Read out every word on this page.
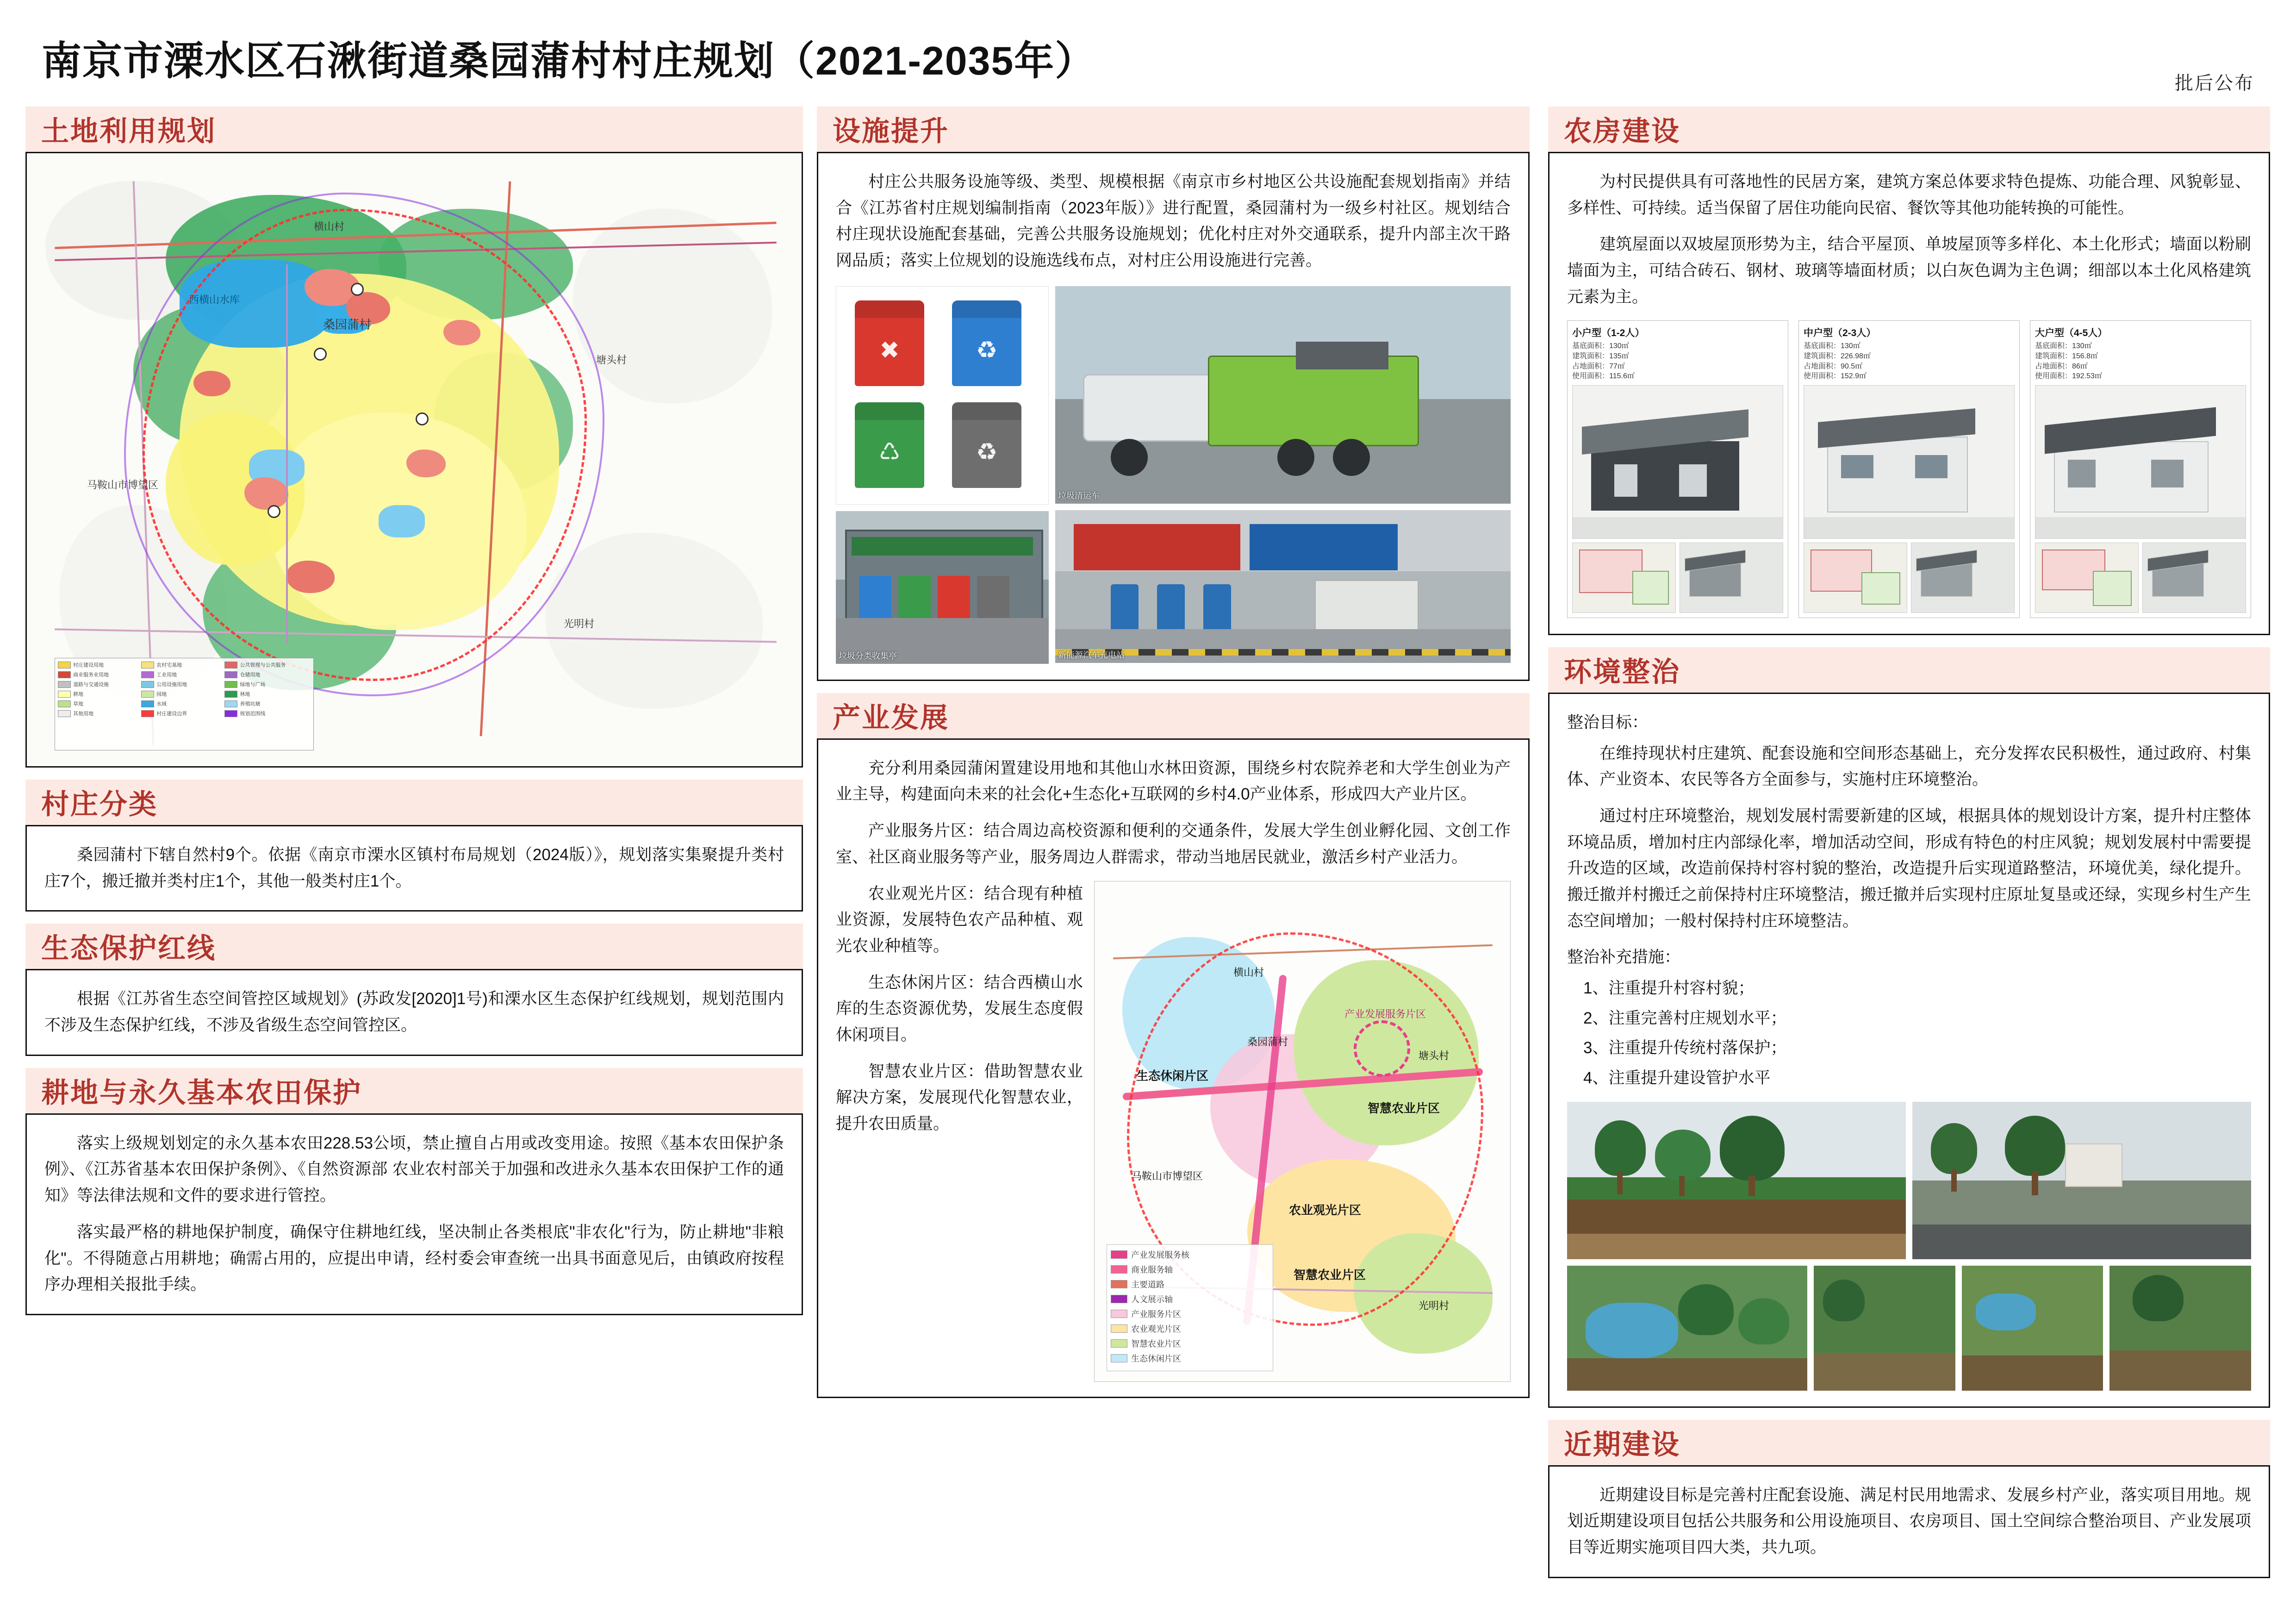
南京市溧水区石湫街道桑园蒲村村庄规划（2021-2035年）	批后公布
土地利用规划
横山村
西横山水库
桑园蒲村
塘头村
光明村
马鞍山市博望区
村庄建设用地	农村宅基地	公共管理与公共服务
商业服务业用地	工业用地	仓储用地
道路与交通设施	公用设施用地	绿地与广场
耕地	园地	林地
草地	水域	养殖坑塘
其他用地	村庄建设边界	规划范围线
村庄分类

桑园蒲村下辖自然村9个。依据《南京市溧水区镇村布局规划（2024版）》，规划落实集聚提升类村庄7个，搬迁撤并类村庄1个，其他一般类村庄1个。

生态保护红线

根据《江苏省生态空间管控区域规划》(苏政发[2020]1号)和溧水区生态保护红线规划，规划范围内不涉及生态保护红线，不涉及省级生态空间管控区。

耕地与永久基本农田保护

落实上级规划划定的永久基本农田228.53公顷，禁止擅自占用或改变用途。按照《基本农田保护条例》、《江苏省基本农田保护条例》、《自然资源部 农业农村部关于加强和改进永久基本农田保护工作的通知》等法律法规和文件的要求进行管控。

落实最严格的耕地保护制度，确保守住耕地红线，坚决制止各类根底"非农化"行为，防止耕地"非粮化"。不得随意占用耕地；确需占用的，应提出申请，经村委会审查统一出具书面意见后，由镇政府按程序办理相关报批手续。

设施提升

村庄公共服务设施等级、类型、规模根据《南京市乡村地区公共设施配套规划指南》并结合《江苏省村庄规划编制指南（2023年版）》进行配置，桑园蒲村为一级乡村社区。规划结合村庄现状设施配套基础，完善公共服务设施规划；优化村庄对外交通联系，提升内部主次干路网品质；落实上位规划的设施选线布点，对村庄公用设施进行完善。

✖	♻
♺	♻
垃圾分类收集亭
垃圾清运车
新能源汽车充电站
产业发展

充分利用桑园蒲闲置建设用地和其他山水林田资源，围绕乡村农院养老和大学生创业为产业主导，构建面向未来的社会化+生态化+互联网的乡村4.0产业体系，形成四大产业片区。

产业服务片区：结合周边高校资源和便利的交通条件，发展大学生创业孵化园、文创工作室、社区商业服务等产业，服务周边人群需求，带动当地居民就业，激活乡村产业活力。

生态休闲片区
产业发展服务片区
智慧农业片区
农业观光片区
智慧农业片区
横山村
桑园蒲村
塘头村
马鞍山市博望区
光明村
产业发展服务核
商业服务轴
主要道路
人文展示轴
产业服务片区
农业观光片区
智慧农业片区
生态休闲片区

农业观光片区：结合现有种植业资源，发展特色农产品种植、观光农业种植等。

生态休闲片区：结合西横山水库的生态资源优势，发展生态度假休闲项目。

智慧农业片区：借助智慧农业解决方案，发展现代化智慧农业，提升农田质量。

农房建设

为村民提供具有可落地性的民居方案，建筑方案总体要求特色提炼、功能合理、风貌彰显、多样性、可持续。适当保留了居住功能向民宿、餐饮等其他功能转换的可能性。

建筑屋面以双坡屋顶形势为主，结合平屋顶、单坡屋顶等多样化、本土化形式；墙面以粉刷墙面为主，可结合砖石、钢材、玻璃等墙面材质；以白灰色调为主色调；细部以本土化风格建筑元素为主。

小户型（1-2人）
基底面积：130㎡
建筑面积：135㎡
占地面积：77㎡
使用面积：115.6㎡
中户型（2-3人）
基底面积：130㎡
建筑面积：226.98㎡
占地面积：90.5㎡
使用面积：152.9㎡
大户型（4-5人）
基底面积：130㎡
建筑面积：156.8㎡
占地面积：86㎡
使用面积：192.53㎡
环境整治

整治目标：

在维持现状村庄建筑、配套设施和空间形态基础上，充分发挥农民积极性，通过政府、村集体、产业资本、农民等各方全面参与，实施村庄环境整治。

通过村庄环境整治，规划发展村需要新建的区域，根据具体的规划设计方案，提升村庄整体环境品质，增加村庄内部绿化率，增加活动空间，形成有特色的村庄风貌；规划发展村中需要提升改造的区域，改造前保持村容村貌的整治，改造提升后实现道路整洁，环境优美，绿化提升。搬迁撤并村搬迁之前保持村庄环境整洁，搬迁撤并后实现村庄原址复垦或还绿，实现乡村生产生态空间增加；一般村保持村庄环境整洁。

整治补充措施：

1、注重提升村容村貌；

2、注重完善村庄规划水平；

3、注重提升传统村落保护；

4、注重提升建设管护水平

近期建设

近期建设目标是完善村庄配套设施、满足村民用地需求、发展乡村产业，落实项目用地。规划近期建设项目包括公共服务和公用设施项目、农房项目、国土空间综合整治项目、产业发展项目等近期实施项目四大类，共九项。
